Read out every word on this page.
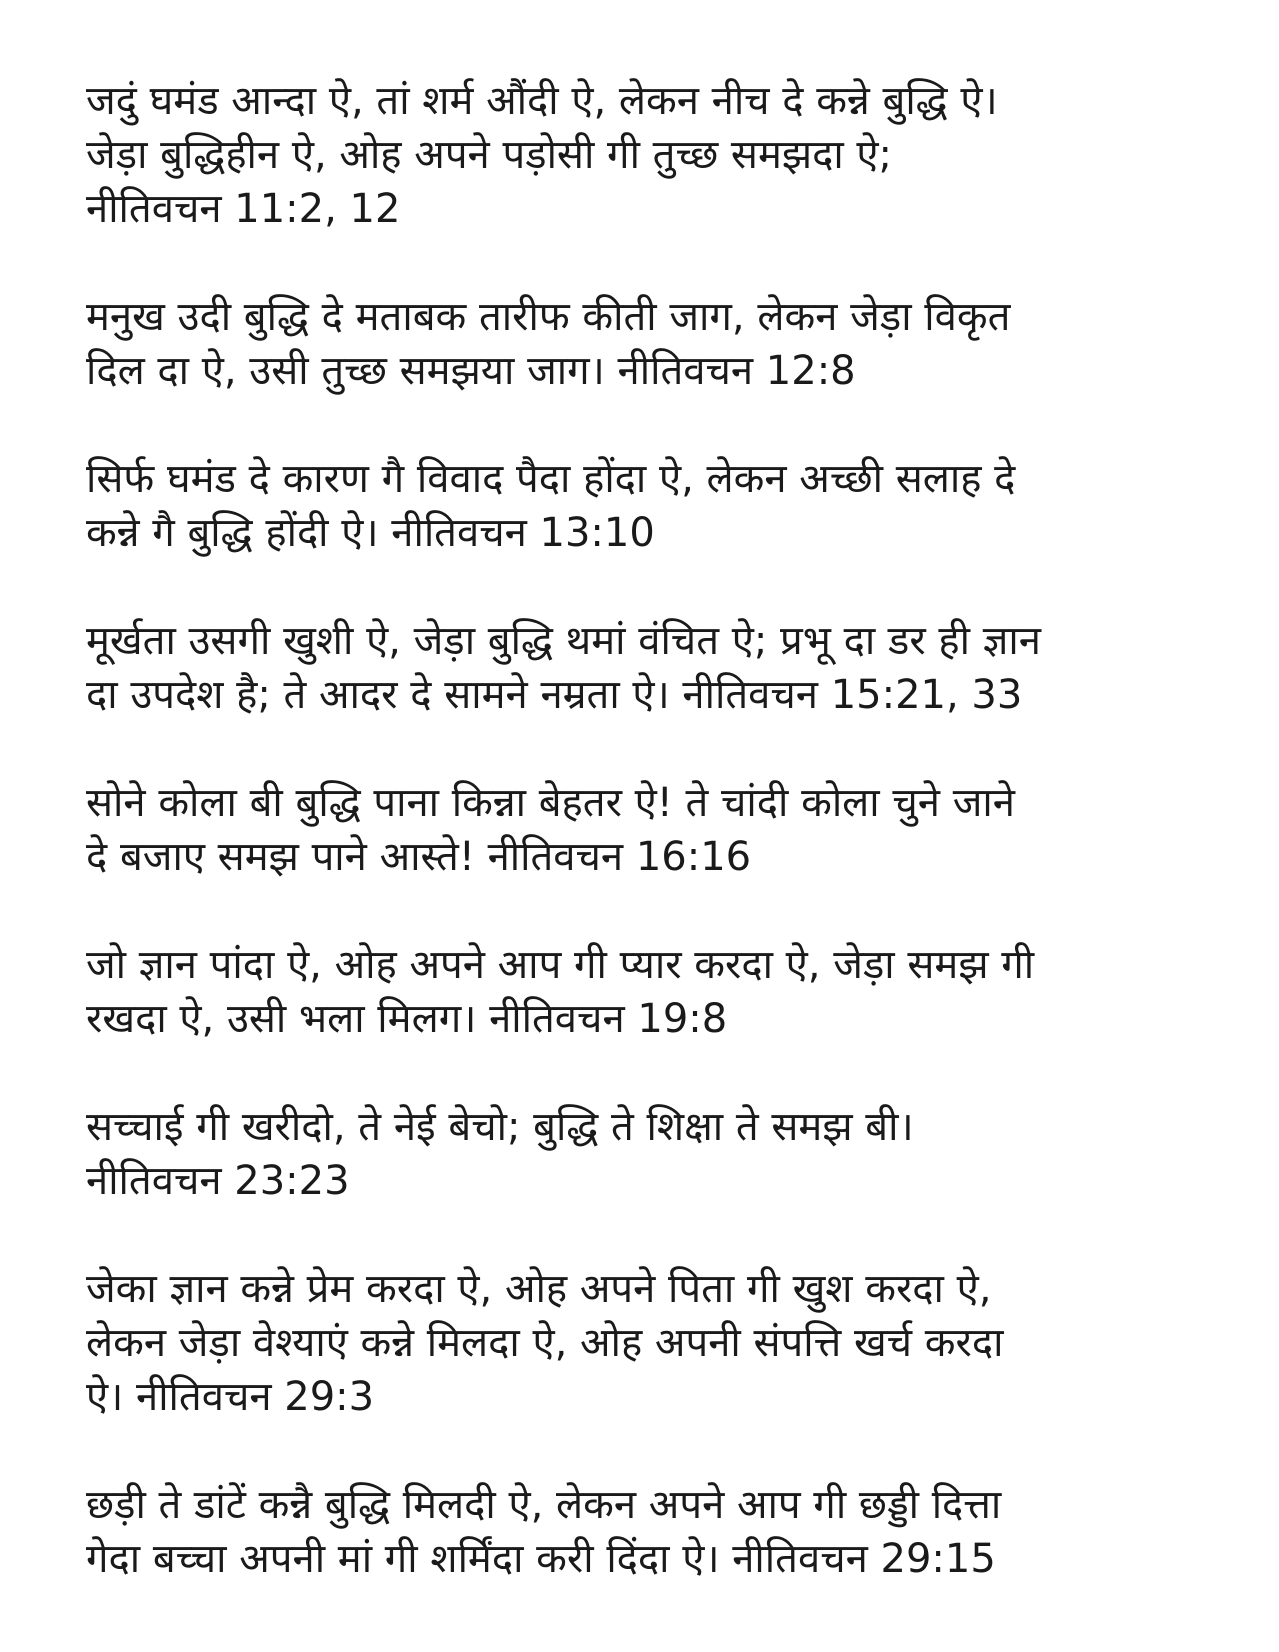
जदुं घमंड आन्दा ऐ, तां शर्म औंदी ऐ, लेकन नीच दे कन्ने बुद्धि ऐ।
जेड़ा बुद्धिहीन ऐ, ओह अपने पड़ोसी गी तुच्छ समझदा ऐ;
नीतिवचन 11:2, 12
मनुख उदी बुद्धि दे मताबक तारीफ कीती जाग, लेकन जेड़ा विकृत
दिल दा ऐ, उसी तुच्छ समझया जाग। नीतिवचन 12:8
सिर्फ घमंड दे कारण गै विवाद पैदा होंदा ऐ, लेकन अच्छी सलाह दे
कन्ने गै बुद्धि होंदी ऐ। नीतिवचन 13:10
मूर्खता उसगी खुशी ऐ, जेड़ा बुद्धि थमां वंचित ऐ; प्रभू दा डर ही ज्ञान
दा उपदेश है; ते आदर दे सामने नम्रता ऐ। नीतिवचन 15:21, 33
सोने कोला बी बुद्धि पाना किन्ना बेहतर ऐ! ते चांदी कोला चुने जाने
दे बजाए समझ पाने आस्ते! नीतिवचन 16:16
जो ज्ञान पांदा ऐ, ओह अपने आप गी प्यार करदा ऐ, जेड़ा समझ गी
रखदा ऐ, उसी भला मिलग। नीतिवचन 19:8
सच्चाई गी खरीदो, ते नेई बेचो; बुद्धि ते शिक्षा ते समझ बी।
नीतिवचन 23:23
जेका ज्ञान कन्ने प्रेम करदा ऐ, ओह अपने पिता गी खुश करदा ऐ,
लेकन जेड़ा वेश्याएं कन्ने मिलदा ऐ, ओह अपनी संपत्ति खर्च करदा
ऐ। नीतिवचन 29:3
छड़ी ते डांटें कन्नै बुद्धि मिलदी ऐ, लेकन अपने आप गी छड्डी दित्ता
गेदा बच्चा अपनी मां गी शर्मिंदा करी दिंदा ऐ। नीतिवचन 29:15
